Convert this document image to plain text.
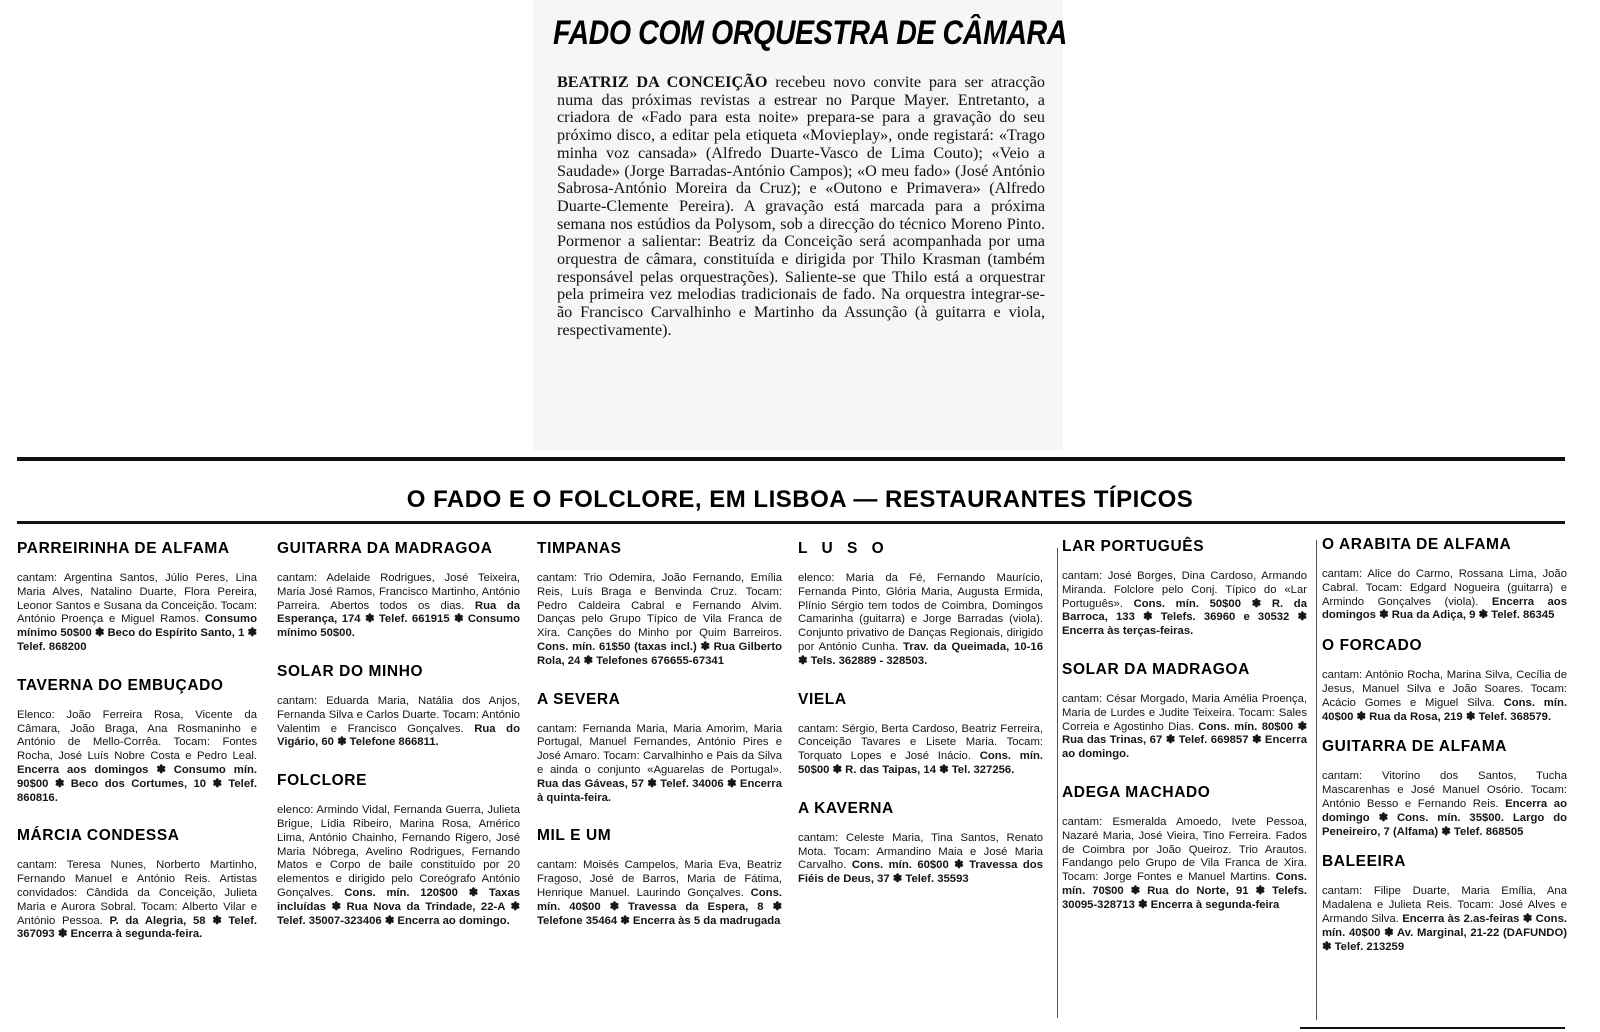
FADO COM ORQUESTRA DE CÂMARA
BEATRIZ DA CONCEIÇÃO recebeu novo convite para ser atracção numa das próximas revistas a estrear no Parque Mayer. Entretanto, a criadora de «Fado para esta noite» prepara-se para a gravação do seu próximo disco, a editar pela etiqueta «Movieplay», onde registará: «Trago minha voz cansada» (Alfredo Duarte-Vasco de Lima Couto); «Veio a Saudade» (Jorge Barradas-António Campos); «O meu fado» (José António Sabrosa-António Moreira da Cruz); e «Outono e Primavera» (Alfredo Duarte-Clemente Pereira). A gravação está marcada para a próxima semana nos estúdios da Polysom, sob a direcção do técnico Moreno Pinto. Pormenor a salientar: Beatriz da Conceição será acompanhada por uma orquestra de câmara, constituída e dirigida por Thilo Krasman (também responsável pelas orquestrações). Saliente-se que Thilo está a orquestrar pela primeira vez melodias tradicionais de fado. Na orquestra integrar-se-ão Francisco Carvalhinho e Martinho da Assunção (à guitarra e viola, respectivamente).
O FADO E O FOLCLORE, EM LISBOA — RESTAURANTES TÍPICOS
PARREIRINHA DE ALFAMA
cantam: Argentina Santos, Júlio Peres, Lina Maria Alves, Natalino Duarte, Flora Pereira, Leonor Santos e Susana da Conceição. Tocam: António Proença e Miguel Ramos. Consumo mínimo 50$00 ✽ Beco do Espírito Santo, 1 ✽ Telef. 868200
TAVERNA DO EMBUÇADO
Elenco: João Ferreira Rosa, Vicente da Câmara, João Braga, Ana Rosmaninho e António de Mello-Corrêa. Tocam: Fontes Rocha, José Luís Nobre Costa e Pedro Leal. Encerra aos domingos ✽ Consumo mín. 90$00 ✽ Beco dos Cortumes, 10 ✽ Telef. 860816.
MÁRCIA CONDESSA
cantam: Teresa Nunes, Norberto Martinho, Fernando Manuel e António Reis. Artistas convidados: Cândida da Conceição, Julieta Maria e Aurora Sobral. Tocam: Alberto Vilar e António Pessoa. P. da Alegria, 58 ✽ Telef. 367093 ✽ Encerra à segunda-feira.
GUITARRA DA MADRAGOA
cantam: Adelaide Rodrigues, José Teixeira, Maria José Ramos, Francisco Martinho, António Parreira. Abertos todos os dias. Rua da Esperança, 174 ✽ Telef. 661915 ✽ Consumo mínimo 50$00.
SOLAR DO MINHO
cantam: Eduarda Maria, Natália dos Anjos, Fernanda Silva e Carlos Duarte. Tocam: António Valentim e Francisco Gonçalves. Rua do Vigário, 60 ✽ Telefone 866811.
FOLCLORE
elenco: Armindo Vidal, Fernanda Guerra, Julieta Brigue, Lídia Ribeiro, Marina Rosa, Américo Lima, António Chainho, Fernando Rigero, José Maria Nóbrega, Avelino Rodrigues, Fernando Matos e Corpo de baile constituído por 20 elementos e dirigido pelo Coreógrafo António Gonçalves. Cons. mín. 120$00 ✽ Taxas incluídas ✽ Rua Nova da Trindade, 22-A ✽ Telef. 35007-323406 ✽ Encerra ao domingo.
TIMPANAS
cantam: Trio Odemira, João Fernando, Emília Reis, Luís Braga e Benvinda Cruz. Tocam: Pedro Caldeira Cabral e Fernando Alvim. Danças pelo Grupo Típico de Vila Franca de Xira. Canções do Minho por Quim Barreiros. Cons. mín. 61$50 (taxas incl.) ✽ Rua Gilberto Rola, 24 ✽ Telefones 676655-67341
A SEVERA
cantam: Fernanda Maria, Maria Amorim, Maria Portugal, Manuel Fernandes, António Pires e José Amaro. Tocam: Carvalhinho e Pais da Silva e ainda o conjunto «Aguarelas de Portugal». Rua das Gáveas, 57 ✽ Telef. 34006 ✽ Encerra à quinta-feira.
MIL E UM
cantam: Moisés Campelos, Maria Eva, Beatriz Fragoso, José de Barros, Maria de Fátima, Henrique Manuel. Laurindo Gonçalves. Cons. mín. 40$00 ✽ Travessa da Espera, 8 ✽ Telefone 35464 ✽ Encerra às 5 da madrugada
L U S O
elenco: Maria da Fé, Fernando Maurício, Fernanda Pinto, Glória Maria, Augusta Ermida, Plínio Sérgio tem todos de Coimbra, Domingos Camarinha (guitarra) e Jorge Barradas (viola). Conjunto privativo de Danças Regionais, dirigido por António Cunha. Trav. da Queimada, 10-16 ✽ Tels. 362889 - 328503.
VIELA
cantam: Sérgio, Berta Cardoso, Beatriz Ferreira, Conceição Tavares e Lisete Maria. Tocam: Torquato Lopes e José Inácio. Cons. mín. 50$00 ✽ R. das Taipas, 14 ✽ Tel. 327256.
A KAVERNA
cantam: Celeste Maria, Tina Santos, Renato Mota. Tocam: Armandino Maia e José Maria Carvalho. Cons. mín. 60$00 ✽ Travessa dos Fiéis de Deus, 37 ✽ Telef. 35593
LAR PORTUGUÊS
cantam: José Borges, Dina Cardoso, Armando Miranda. Folclore pelo Conj. Típico do «Lar Português». Cons. mín. 50$00 ✽ R. da Barroca, 133 ✽ Telefs. 36960 e 30532 ✽ Encerra às terças-feiras.
SOLAR DA MADRAGOA
cantam: César Morgado, Maria Amélia Proença, Maria de Lurdes e Judite Teixeira. Tocam: Sales Correia e Agostinho Dias. Cons. mín. 80$00 ✽ Rua das Trinas, 67 ✽ Telef. 669857 ✽ Encerra ao domingo.
ADEGA MACHADO
cantam: Esmeralda Amoedo, Ivete Pessoa, Nazaré Maria, José Vieira, Tino Ferreira. Fados de Coimbra por João Queiroz. Trio Arautos. Fandango pelo Grupo de Vila Franca de Xira. Tocam: Jorge Fontes e Manuel Martins. Cons. mín. 70$00 ✽ Rua do Norte, 91 ✽ Telefs. 30095-328713 ✽ Encerra à segunda-feira
O ARABITA DE ALFAMA
cantam: Alice do Carmo, Rossana Lima, João Cabral. Tocam: Edgard Nogueira (guitarra) e Armindo Gonçalves (viola). Encerra aos domingos ✽ Rua da Adiça, 9 ✽ Telef. 86345
O FORCADO
cantam: António Rocha, Marina Silva, Cecília de Jesus, Manuel Silva e João Soares. Tocam: Acácio Gomes e Miguel Silva. Cons. mín. 40$00 ✽ Rua da Rosa, 219 ✽ Telef. 368579.
GUITARRA DE ALFAMA
cantam: Vitorino dos Santos, Tucha Mascarenhas e José Manuel Osório. Tocam: António Besso e Fernando Reis. Encerra ao domingo ✽ Cons. mín. 35$00. Largo do Peneireiro, 7 (Alfama) ✽ Telef. 868505
BALEEIRA
cantam: Filipe Duarte, Maria Emília, Ana Madalena e Julieta Reis. Tocam: José Alves e Armando Silva. Encerra às 2.as-feiras ✽ Cons. mín. 40$00 ✽ Av. Marginal, 21-22 (DAFUNDO) ✽ Telef. 213259
